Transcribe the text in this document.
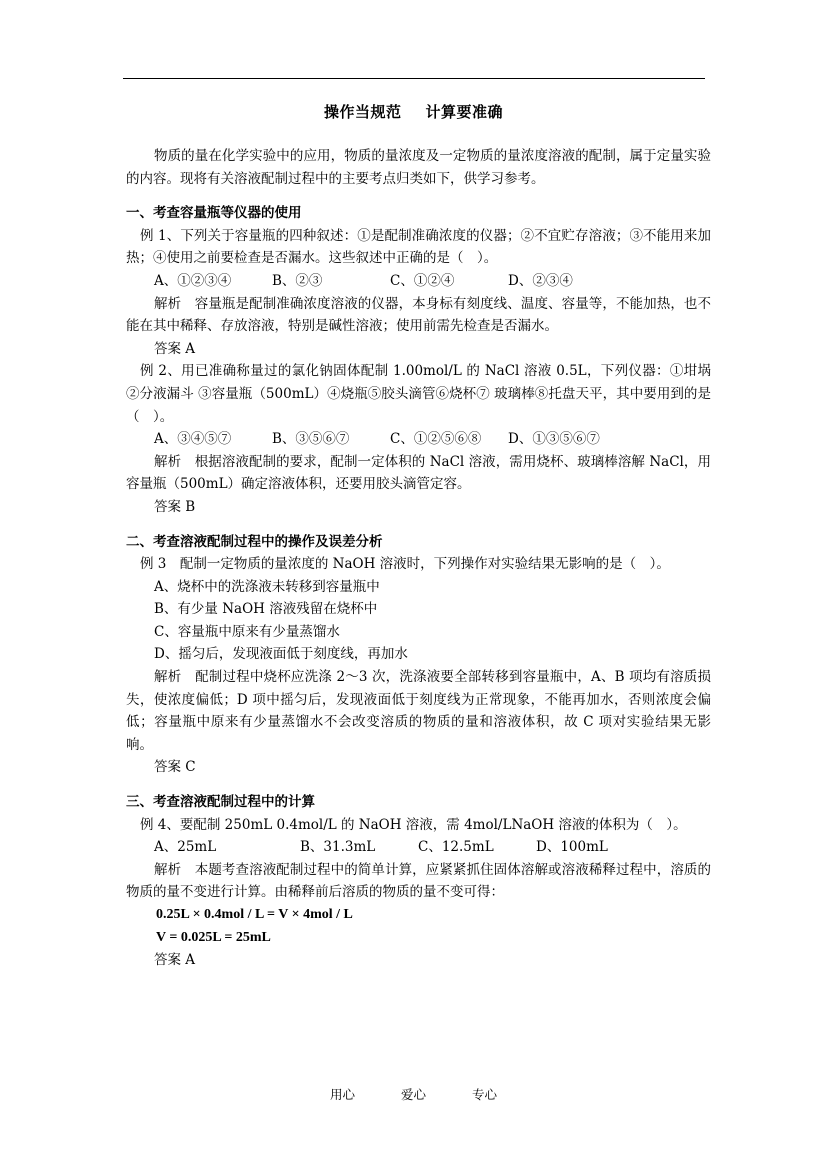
操作当规范 计算要准确

物质的量在化学实验中的应用，物质的量浓度及一定物质的量浓度溶液的配制，属于定量实验的内容。现将有关溶液配制过程中的主要考点归类如下，供学习参考。

一、考查容量瓶等仪器的使用

例 1、下列关于容量瓶的四种叙述：①是配制准确浓度的仪器；②不宜贮存溶液；③不能用来加热；④使用之前要检查是否漏水。这些叙述中正确的是（　）。

A、①②③④	B、②③	C、①②④	D、②③④

解析　容量瓶是配制准确浓度溶液的仪器，本身标有刻度线、温度、容量等，不能加热，也不能在其中稀释、存放溶液，特别是碱性溶液；使用前需先检查是否漏水。

答案 A

例 2、用已准确称量过的氯化钠固体配制 1.00mol/L 的 NaCl 溶液 0.5L，下列仪器：①坩埚②分液漏斗 ③容量瓶（500mL）④烧瓶⑤胶头滴管⑥烧杯⑦ 玻璃棒⑧托盘天平，其中要用到的是（　）。

A、③④⑤⑦	B、③⑤⑥⑦	C、①②⑤⑥⑧	D、①③⑤⑥⑦

解析　根据溶液配制的要求，配制一定体积的 NaCl 溶液，需用烧杯、玻璃棒溶解 NaCl，用容量瓶（500mL）确定溶液体积，还要用胶头滴管定容。

答案 B

二、考查溶液配制过程中的操作及误差分析

例 3　配制一定物质的量浓度的 NaOH 溶液时，下列操作对实验结果无影响的是（　）。

A、烧杯中的洗涤液未转移到容量瓶中

B、有少量 NaOH 溶液残留在烧杯中

C、容量瓶中原来有少量蒸馏水

D、摇匀后，发现液面低于刻度线，再加水

解析　配制过程中烧杯应洗涤 2～3 次，洗涤液要全部转移到容量瓶中，A、B 项均有溶质损失，使浓度偏低；D 项中摇匀后，发现液面低于刻度线为正常现象，不能再加水，否则浓度会偏低；容量瓶中原来有少量蒸馏水不会改变溶质的物质的量和溶液体积，故 C 项对实验结果无影响。

答案 C

三、考查溶液配制过程中的计算

例 4、要配制 250mL 0.4mol/L 的 NaOH 溶液，需 4mol/LNaOH 溶液的体积为（　）。

A、25mL	B、31.3mL	C、12.5mL	D、100mL

解析　本题考查溶液配制过程中的简单计算，应紧紧抓住固体溶解或溶液稀释过程中，溶质的物质的量不变进行计算。由稀释前后溶质的物质的量不变可得：

0.25L × 0.4mol / L = V × 4mol / L
V = 0.025L = 25mL

答案 A

用心	爱心	专心
